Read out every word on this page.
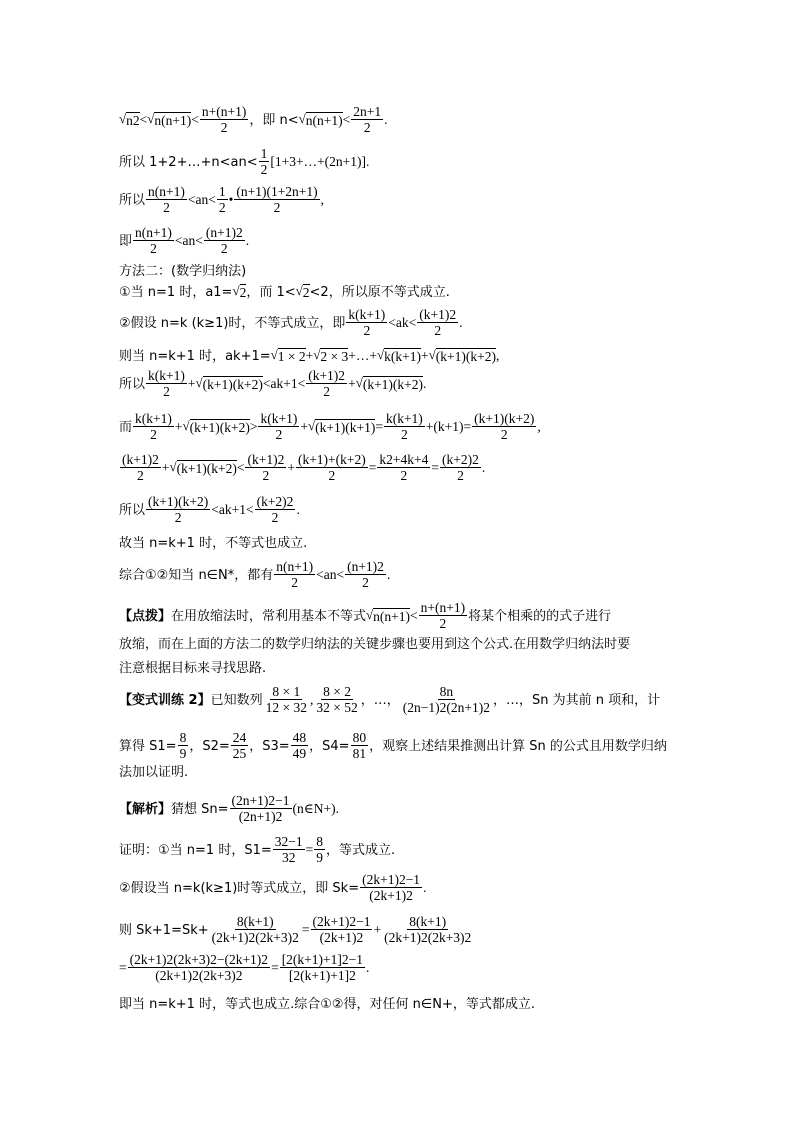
√ n2 < √ $n(n+1) < \frac{n+(n+1)}{2}$ ，即 n< √ $n(n+1) < \frac{2n+1}{2}$ .
所以 1+2+…+n<an< $\frac{1}{2}$ [1+3+…+(2n+1)].
所以 $\frac{n(n+1)}{2} <an< \frac{1}{2}$ • $\frac{(n+1)(1+2n+1)}{2}$ ,
即 $\frac{n(n+1)}{2} <an< \frac{(n+1)2}{2}$ .
方法二：(数学归纳法)
①当 n=1 时，a1= √ 2 ，而 1< √ 2 <2，所以原不等式成立.
②假设 n=k (k≥1)时，不等式成立，即 $\frac{k(k+1)}{2} <ak< \frac{(k+1)2}{2}$ .
则当 n=k+1 时，ak+1= √ 1 × 2 + √ 2 × 3 +…+ √ k(k+1) + √ (k+1)(k+2) ,
所以 $\frac{k(k+1)}{2}$ + √ $(k+1)(k+2) <ak+1< \frac{(k+1)2}{2}$ + √ (k+1)(k+2) .
而 $\frac{k(k+1)}{2}$ + √ $(k+1)(k+2) > \frac{k(k+1)}{2}$ + √ $(k+1)(k+1) = \frac{k(k+1)}{2} +(k+1)= \frac{(k+1)(k+2)}{2}$ ,
$\frac{(k+1)2}{2}$ + √ $(k+1)(k+2) < \frac{(k+1)2}{2} + \frac{(k+1)+(k+2)}{2} = \frac{k2+4k+4}{2} = \frac{(k+2)2}{2}$ .
所以 $\frac{(k+1)(k+2)}{2} <ak+1< \frac{(k+2)2}{2}$ .
故当 n=k+1 时，不等式也成立.
综合①②知当 n∈N*，都有 $\frac{n(n+1)}{2} <an< \frac{(n+1)2}{2}$ .
【点拨】 在用放缩法时，常利用基本不等式 √ $n(n+1) < \frac{n+(n+1)}{2}$ 将某个相乘的的式子进行
放缩，而在上面的方法二的数学归纳法的关键步骤也要用到这个公式.在用数学归纳法时要
注意根据目标来寻找思路.
【变式训练 2】 已知数列 $\frac{8 \times 1}{12 \times 32}$ , $\frac{8 \times 2}{32 \times 52}$ ，…， $\frac{8n}{(2n-1)2(2n+1)2}$ ，…，Sn 为其前 n 项和，计
算得 $S1= \frac{8}{9}$ ，$S2= \frac{24}{25}$ ，$S3= \frac{48}{49}$ ，$S4= \frac{80}{81}$ ，观察上述结果推测出计算 Sn 的公式且用数学归纳
法加以证明.
【解析】 猜想 $Sn= \frac{(2n+1)2-1}{(2n+1)2}$ (n∈N+).
证明：①当 n=1 时，$S1= \frac{32-1}{32} = \frac{8}{9}$ ，等式成立.
②假设当 n=k(k≥1)时等式成立，即 $Sk= \frac{(2k+1)2-1}{(2k+1)2}$ .
则 $Sk+1=Sk+ \frac{8(k+1)}{(2k+1)2(2k+3)2} = \frac{(2k+1)2-1}{(2k+1)2} + \frac{8(k+1)}{(2k+1)2(2k+3)2}$
= $\frac{(2k+1)2(2k+3)2-(2k+1)2}{(2k+1)2(2k+3)2} = \frac{[2(k+1)+1]2-1}{[2(k+1)+1]2}$ .
即当 n=k+1 时，等式也成立.综合①②得，对任何 n∈N+，等式都成立.
